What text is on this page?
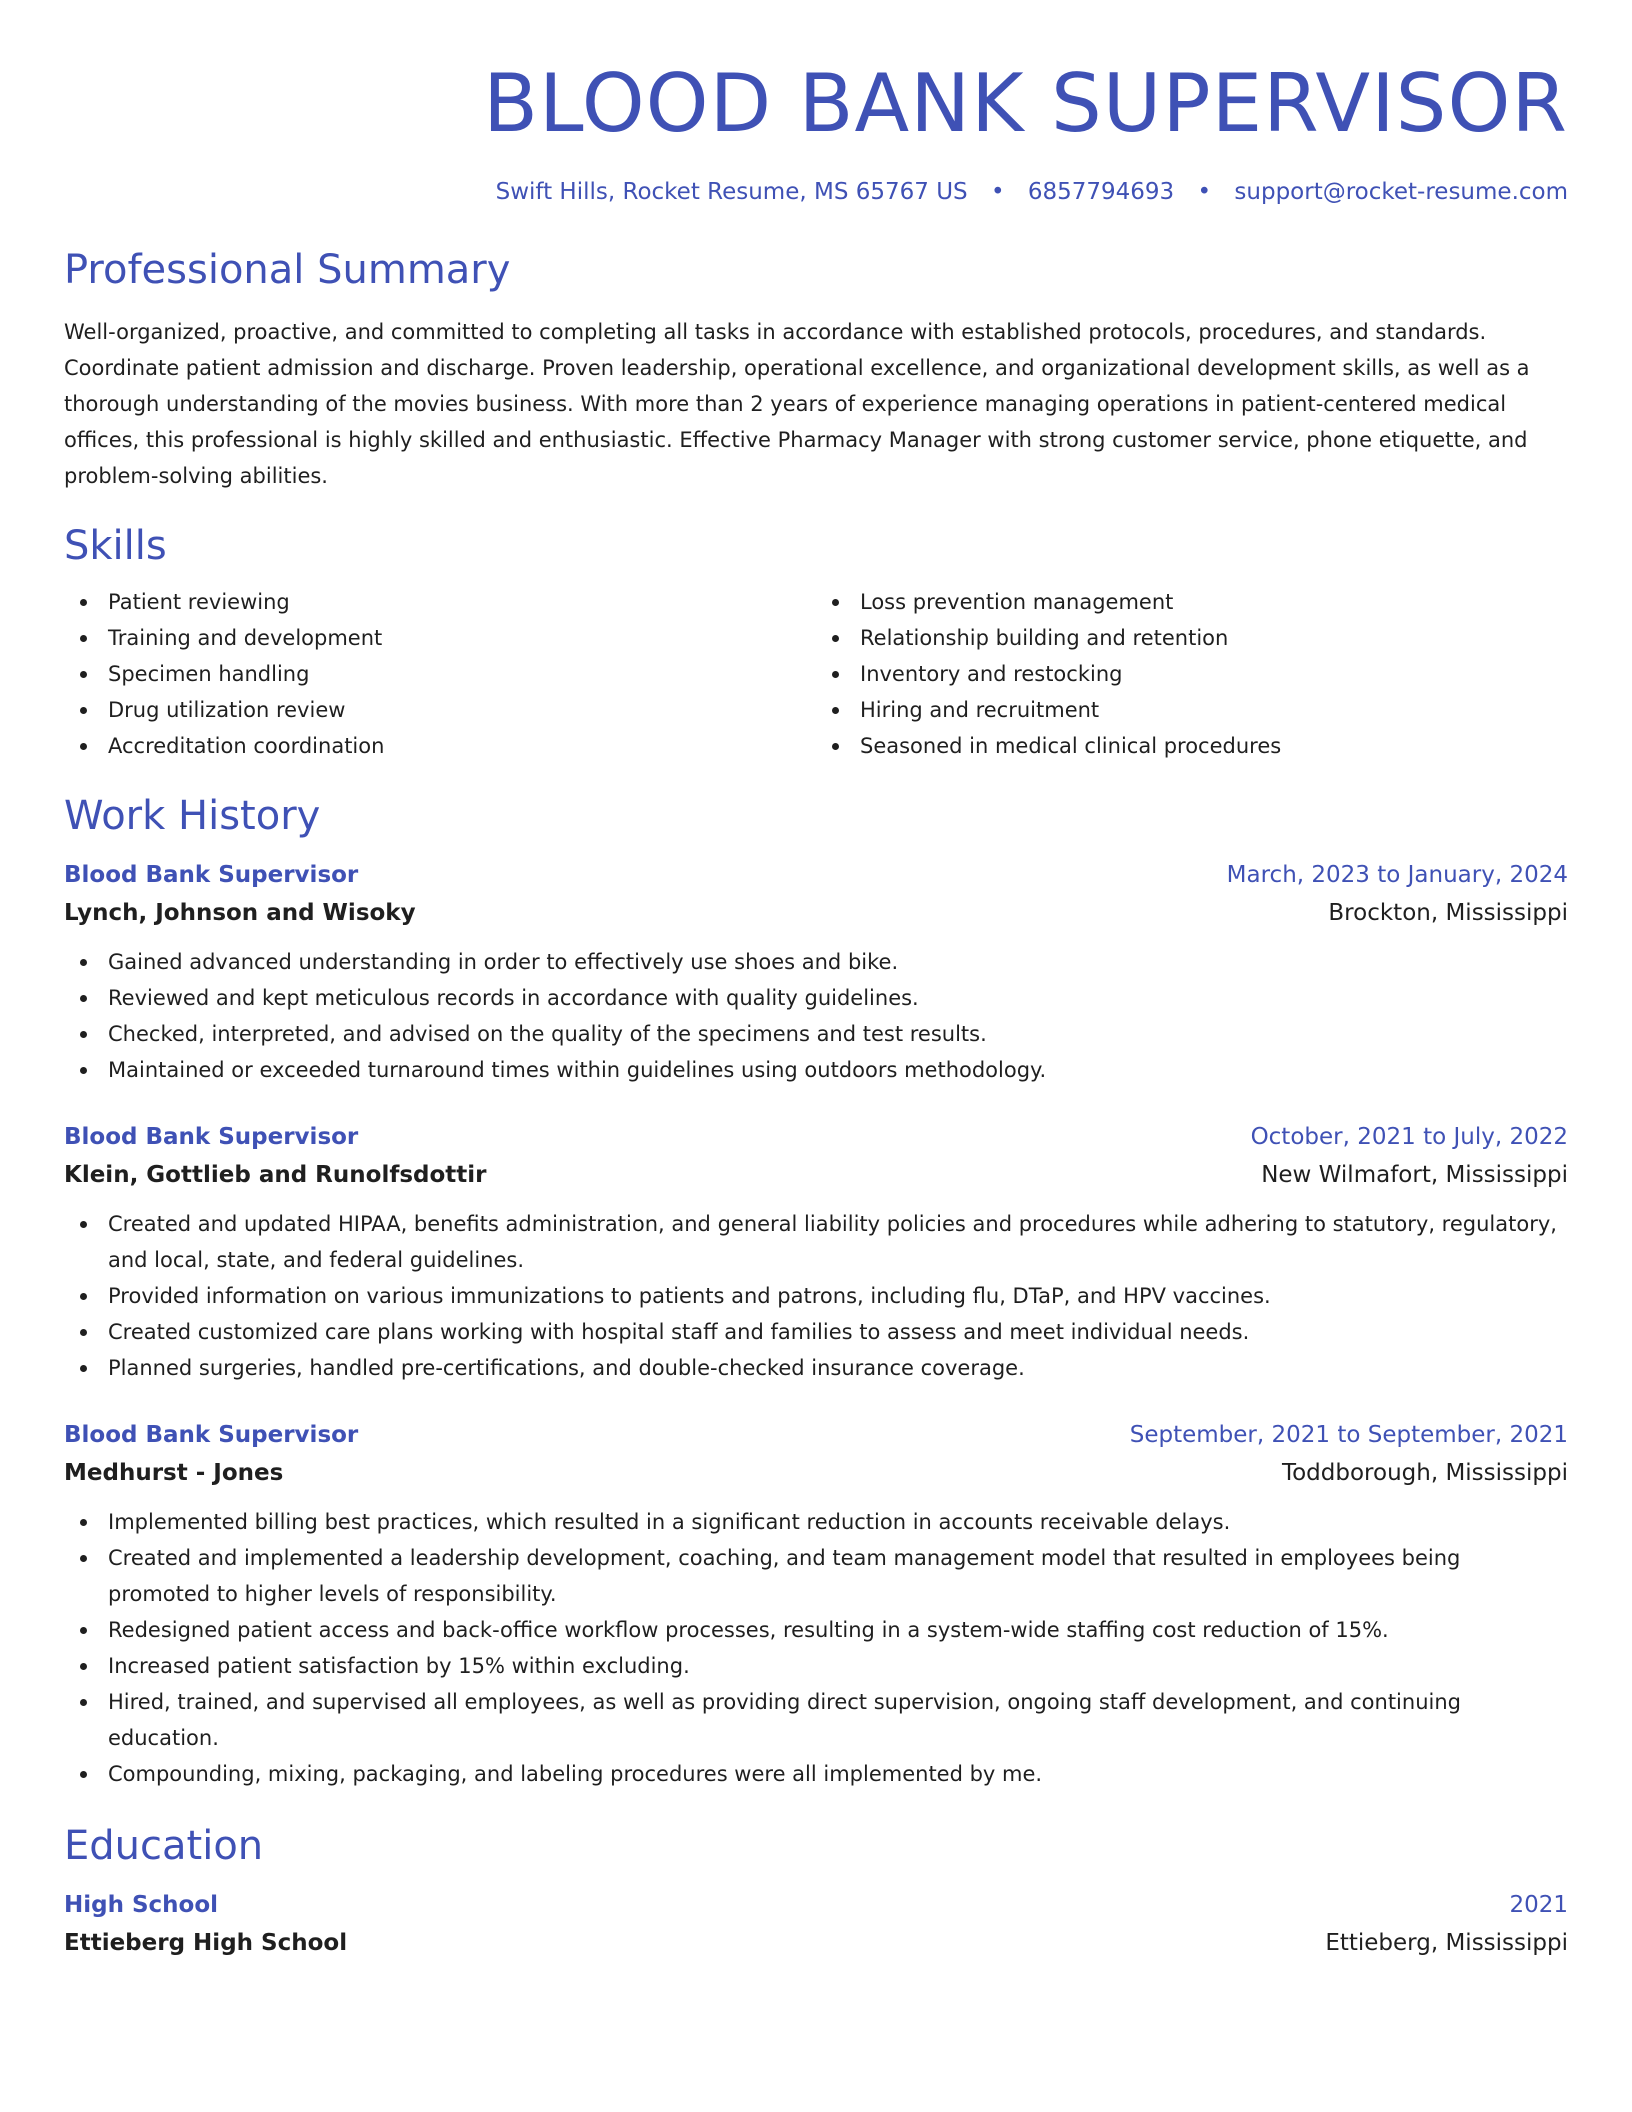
BLOOD BANK SUPERVISOR
Swift Hills, Rocket Resume, MS 65767 US • 6857794693 • support@rocket-resume.com
Professional Summary

Well-organized, proactive, and committed to completing all tasks in accordance with established protocols, procedures, and standards. Coordinate patient admission and discharge. Proven leadership, operational excellence, and organizational development skills, as well as a thorough understanding of the movies business. With more than 2 years of experience managing operations in patient-centered medical offices, this professional is highly skilled and enthusiastic. Effective Pharmacy Manager with strong customer service, phone etiquette, and problem-solving abilities.

Skills
Patient reviewing
Training and development
Specimen handling
Drug utilization review
Accreditation coordination
Loss prevention management
Relationship building and retention
Inventory and restocking
Hiring and recruitment
Seasoned in medical clinical procedures
Work History
Blood Bank Supervisor	March, 2023 to January, 2024
Lynch, Johnson and Wisoky	Brockton, Mississippi
Gained advanced understanding in order to effectively use shoes and bike.
Reviewed and kept meticulous records in accordance with quality guidelines.
Checked, interpreted, and advised on the quality of the specimens and test results.
Maintained or exceeded turnaround times within guidelines using outdoors methodology.
Blood Bank Supervisor	October, 2021 to July, 2022
Klein, Gottlieb and Runolfsdottir	New Wilmafort, Mississippi
Created and updated HIPAA, benefits administration, and general liability policies and procedures while adhering to statutory, regulatory, and local, state, and federal guidelines.
Provided information on various immunizations to patients and patrons, including flu, DTaP, and HPV vaccines.
Created customized care plans working with hospital staff and families to assess and meet individual needs.
Planned surgeries, handled pre-certifications, and double-checked insurance coverage.
Blood Bank Supervisor	September, 2021 to September, 2021
Medhurst - Jones	Toddborough, Mississippi
Implemented billing best practices, which resulted in a significant reduction in accounts receivable delays.
Created and implemented a leadership development, coaching, and team management model that resulted in employees being promoted to higher levels of responsibility.
Redesigned patient access and back-office workflow processes, resulting in a system-wide staffing cost reduction of 15%.
Increased patient satisfaction by 15% within excluding.
Hired, trained, and supervised all employees, as well as providing direct supervision, ongoing staff development, and continuing education.
Compounding, mixing, packaging, and labeling procedures were all implemented by me.
Education
High School	2021
Ettieberg High School	Ettieberg, Mississippi
